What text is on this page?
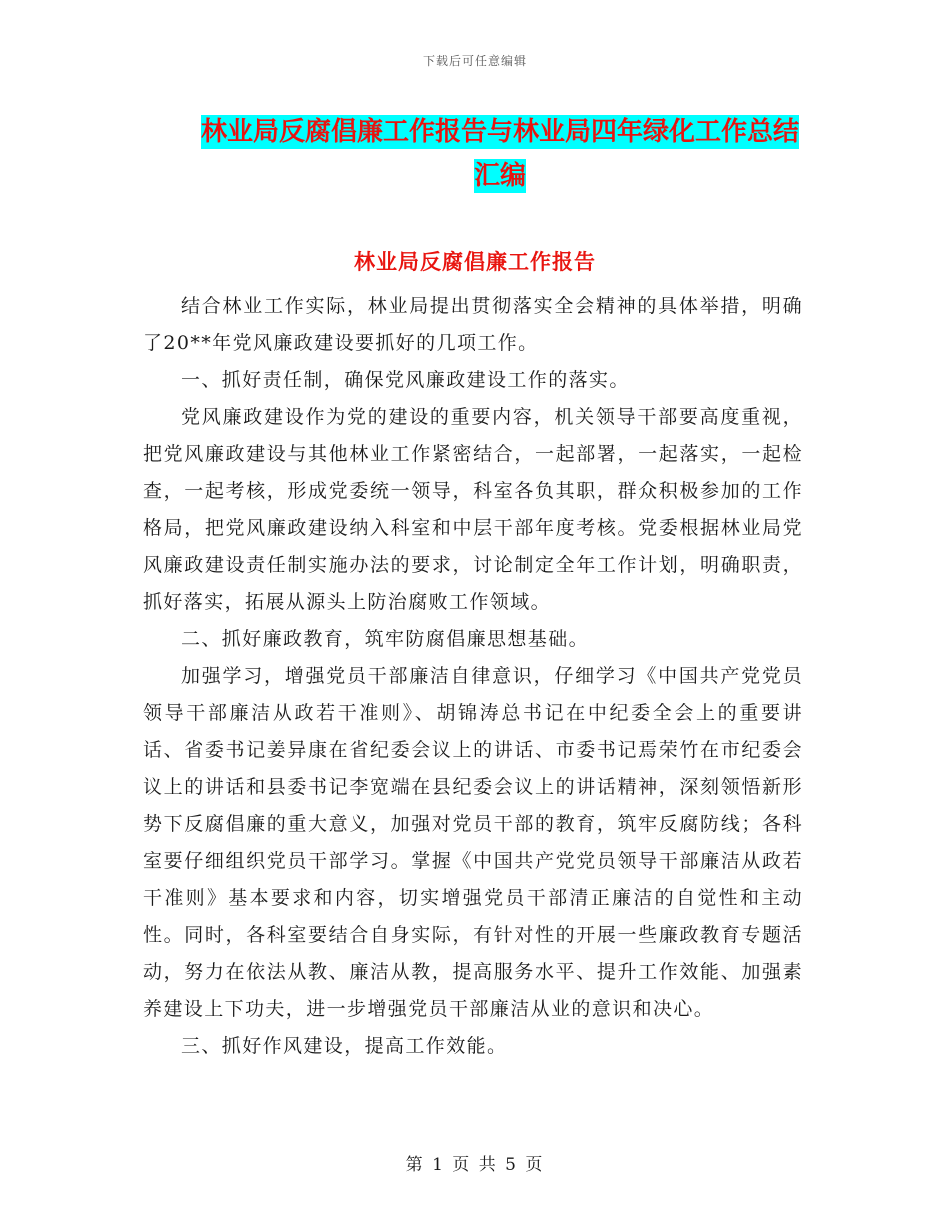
下载后可任意编辑
林业局反腐倡廉工作报告与林业局四年绿化工作总结
汇编
林业局反腐倡廉工作报告

结合林业工作实际，林业局提出贯彻落实全会精神的具体举措，明确了20**年党风廉政建设要抓好的几项工作。

一、抓好责任制，确保党风廉政建设工作的落实。

党风廉政建设作为党的建设的重要内容，机关领导干部要高度重视，把党风廉政建设与其他林业工作紧密结合，一起部署，一起落实，一起检查，一起考核，形成党委统一领导，科室各负其职，群众积极参加的工作格局，把党风廉政建设纳入科室和中层干部年度考核。党委根据林业局党风廉政建设责任制实施办法的要求，讨论制定全年工作计划，明确职责，抓好落实，拓展从源头上防治腐败工作领域。

二、抓好廉政教育，筑牢防腐倡廉思想基础。

加强学习，增强党员干部廉洁自律意识，仔细学习《中国共产党党员领导干部廉洁从政若干准则》、胡锦涛总书记在中纪委全会上的重要讲话、省委书记姜异康在省纪委会议上的讲话、市委书记焉荣竹在市纪委会议上的讲话和县委书记李宽端在县纪委会议上的讲话精神，深刻领悟新形势下反腐倡廉的重大意义，加强对党员干部的教育，筑牢反腐防线；各科室要仔细组织党员干部学习。掌握《中国共产党党员领导干部廉洁从政若干准则》基本要求和内容，切实增强党员干部清正廉洁的自觉性和主动性。同时，各科室要结合自身实际，有针对性的开展一些廉政教育专题活动，努力在依法从教、廉洁从教，提高服务水平、提升工作效能、加强素养建设上下功夫，进一步增强党员干部廉洁从业的意识和决心。

三、抓好作风建设，提高工作效能。

第 1 页 共 5 页
